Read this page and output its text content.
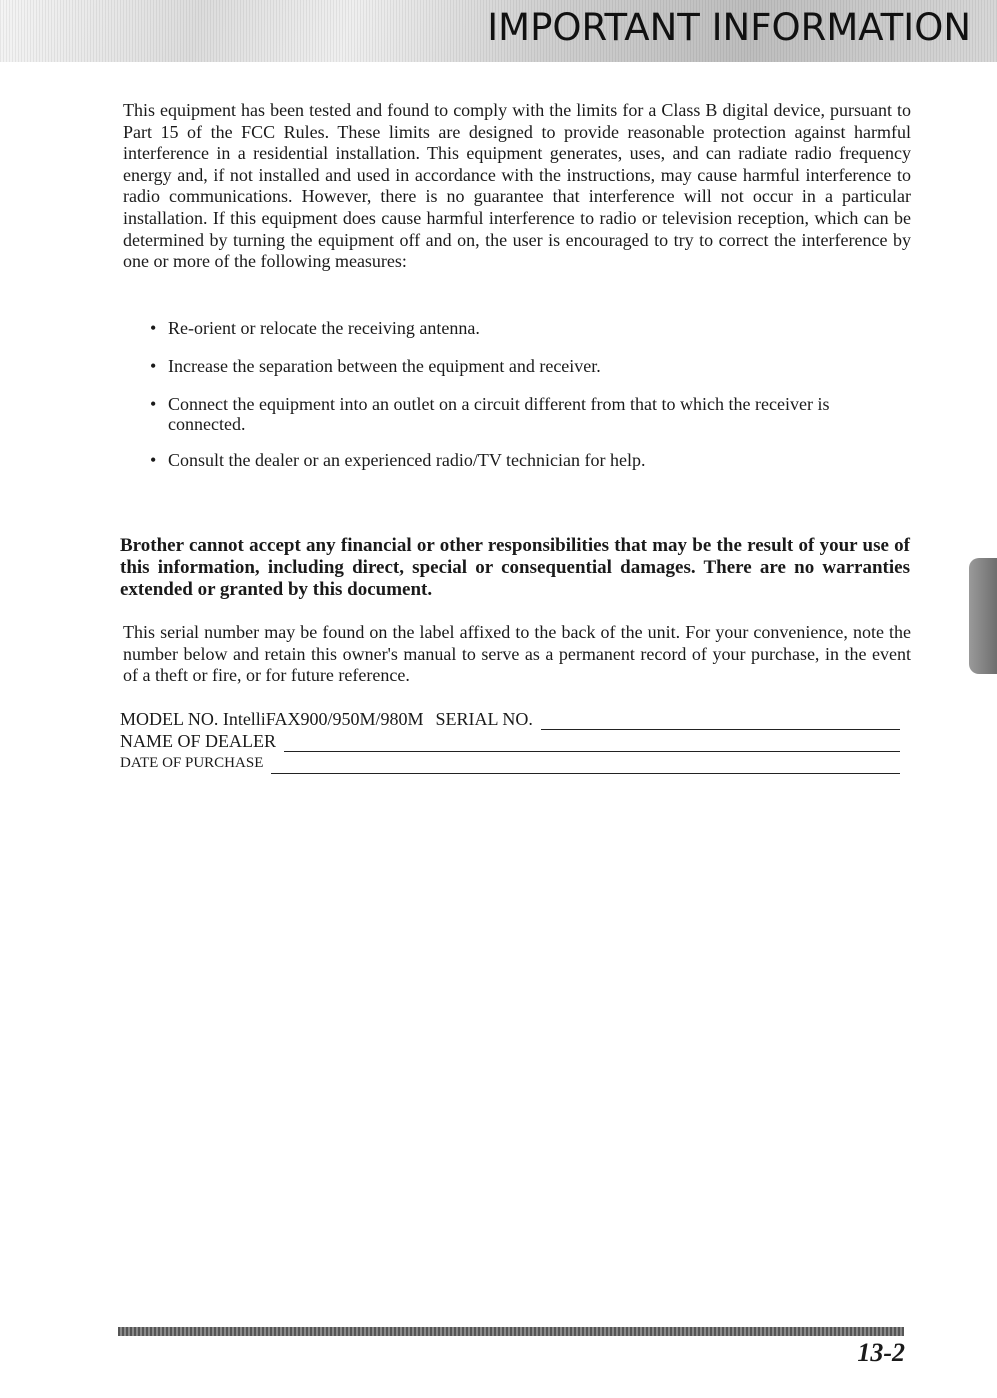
IMPORTANT INFORMATION

This equipment has been tested and found to comply with the limits for a Class B digital device, pursuant to Part 15 of the FCC Rules. These limits are designed to provide reasonable protection against harmful interference in a residential installation. This equipment generates, uses, and can radiate radio frequency energy and, if not installed and used in accordance with the instructions, may cause harmful interference to radio communications. However, there is no guarantee that interference will not occur in a particular installation. If this equipment does cause harmful interference to radio or television reception, which can be determined by turning the equipment off and on, the user is encouraged to try to correct the interference by one or more of the following measures:

• Re-orient or relocate the receiving antenna.
• Increase the separation between the equipment and receiver.
• Connect the equipment into an outlet on a circuit different from that to which the receiver is connected.
• Consult the dealer or an experienced radio/TV technician for help.

Brother cannot accept any financial or other responsibilities that may be the result of your use of this information, including direct, special or consequential damages. There are no warranties extended or granted by this document.

This serial number may be found on the label affixed to the back of the unit. For your convenience, note the number below and retain this owner's manual to serve as a permanent record of your purchase, in the event of a theft or fire, or for future reference.

MODEL NO. IntelliFAX900/950M/980M SERIAL NO.
NAME OF DEALER
DATE OF PURCHASE
13-2
